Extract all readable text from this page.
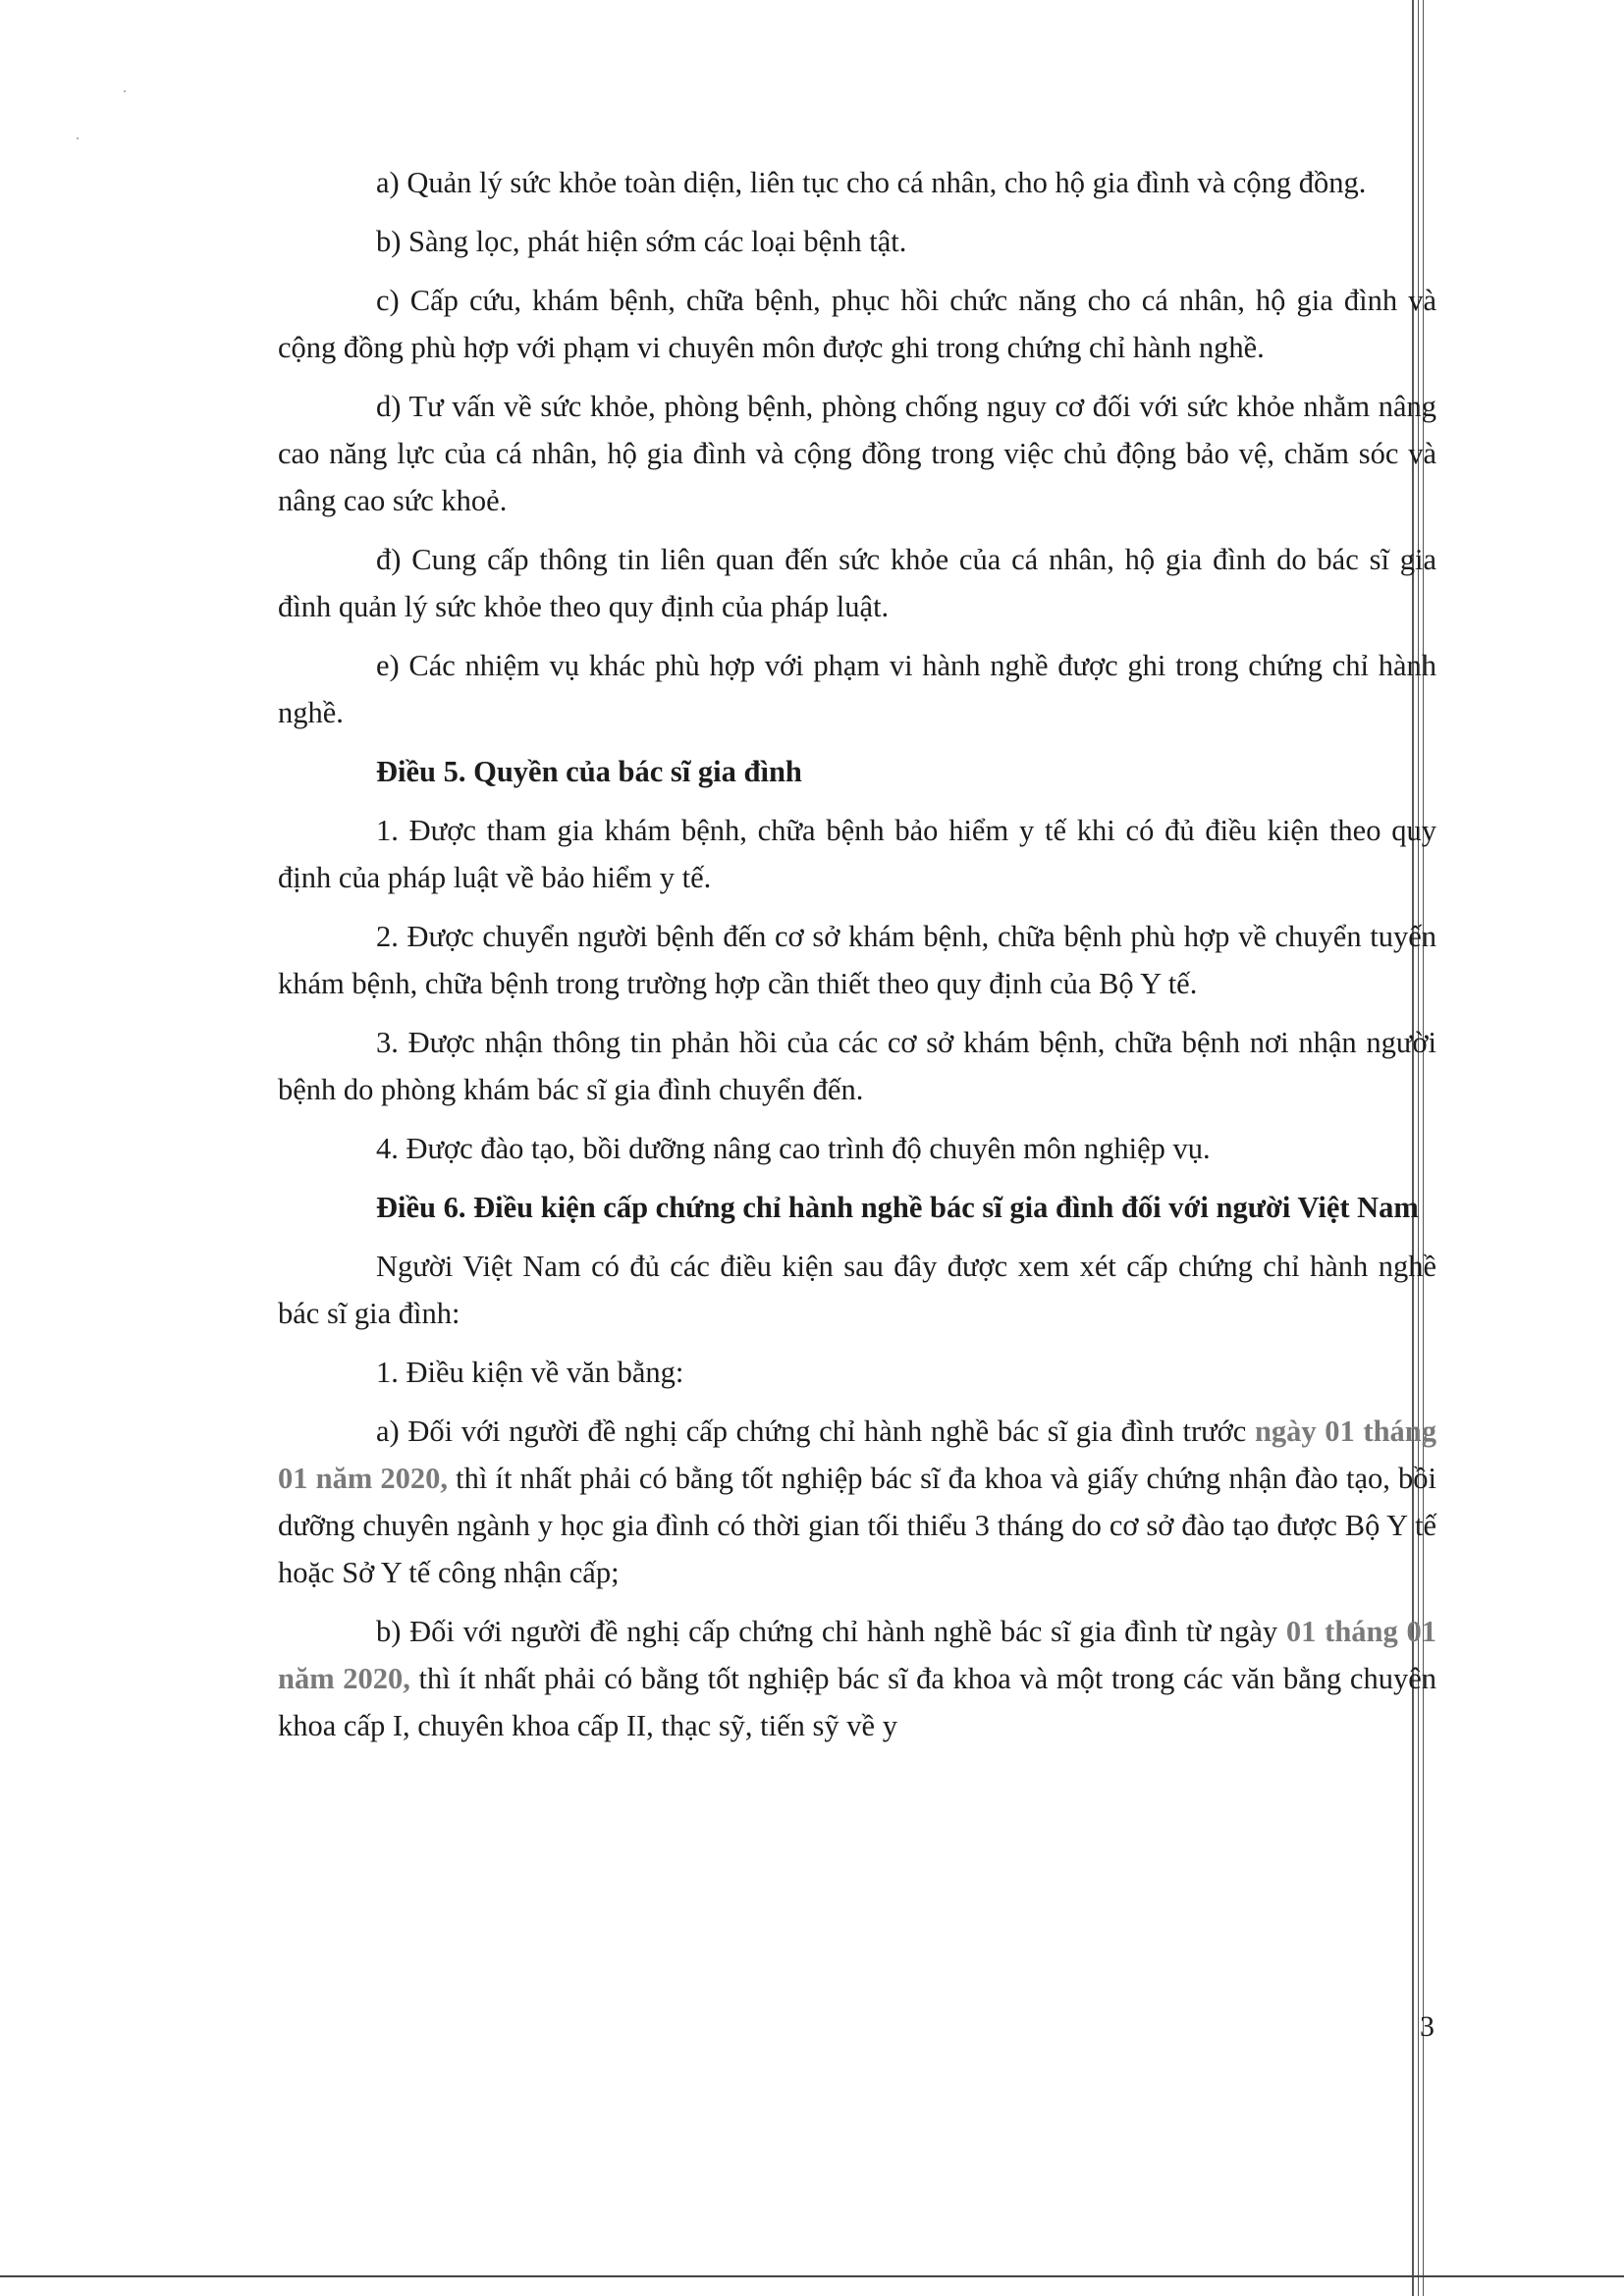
a) Quản lý sức khỏe toàn diện, liên tục cho cá nhân, cho hộ gia đình và cộng đồng.

b) Sàng lọc, phát hiện sớm các loại bệnh tật.

c) Cấp cứu, khám bệnh, chữa bệnh, phục hồi chức năng cho cá nhân, hộ gia đình và cộng đồng phù hợp với phạm vi chuyên môn được ghi trong chứng chỉ hành nghề.

d) Tư vấn về sức khỏe, phòng bệnh, phòng chống nguy cơ đối với sức khỏe nhằm nâng cao năng lực của cá nhân, hộ gia đình và cộng đồng trong việc chủ động bảo vệ, chăm sóc và nâng cao sức khoẻ.

đ) Cung cấp thông tin liên quan đến sức khỏe của cá nhân, hộ gia đình do bác sĩ gia đình quản lý sức khỏe theo quy định của pháp luật.

e) Các nhiệm vụ khác phù hợp với phạm vi hành nghề được ghi trong chứng chỉ hành nghề.

Điều 5. Quyền của bác sĩ gia đình

1. Được tham gia khám bệnh, chữa bệnh bảo hiểm y tế khi có đủ điều kiện theo quy định của pháp luật về bảo hiểm y tế.

2. Được chuyển người bệnh đến cơ sở khám bệnh, chữa bệnh phù hợp về chuyển tuyến khám bệnh, chữa bệnh trong trường hợp cần thiết theo quy định của Bộ Y tế.

3. Được nhận thông tin phản hồi của các cơ sở khám bệnh, chữa bệnh nơi nhận người bệnh do phòng khám bác sĩ gia đình chuyển đến.

4. Được đào tạo, bồi dưỡng nâng cao trình độ chuyên môn nghiệp vụ.

Điều 6. Điều kiện cấp chứng chỉ hành nghề bác sĩ gia đình đối với người Việt Nam

Người Việt Nam có đủ các điều kiện sau đây được xem xét cấp chứng chỉ hành nghề bác sĩ gia đình:

1. Điều kiện về văn bằng:

a) Đối với người đề nghị cấp chứng chỉ hành nghề bác sĩ gia đình trước ngày 01 tháng 01 năm 2020, thì ít nhất phải có bằng tốt nghiệp bác sĩ đa khoa và giấy chứng nhận đào tạo, bồi dưỡng chuyên ngành y học gia đình có thời gian tối thiểu 3 tháng do cơ sở đào tạo được Bộ Y tế hoặc Sở Y tế công nhận cấp;

b) Đối với người đề nghị cấp chứng chỉ hành nghề bác sĩ gia đình từ ngày 01 tháng 01 năm 2020, thì ít nhất phải có bằng tốt nghiệp bác sĩ đa khoa và một trong các văn bằng chuyên khoa cấp I, chuyên khoa cấp II, thạc sỹ, tiến sỹ về y

3
